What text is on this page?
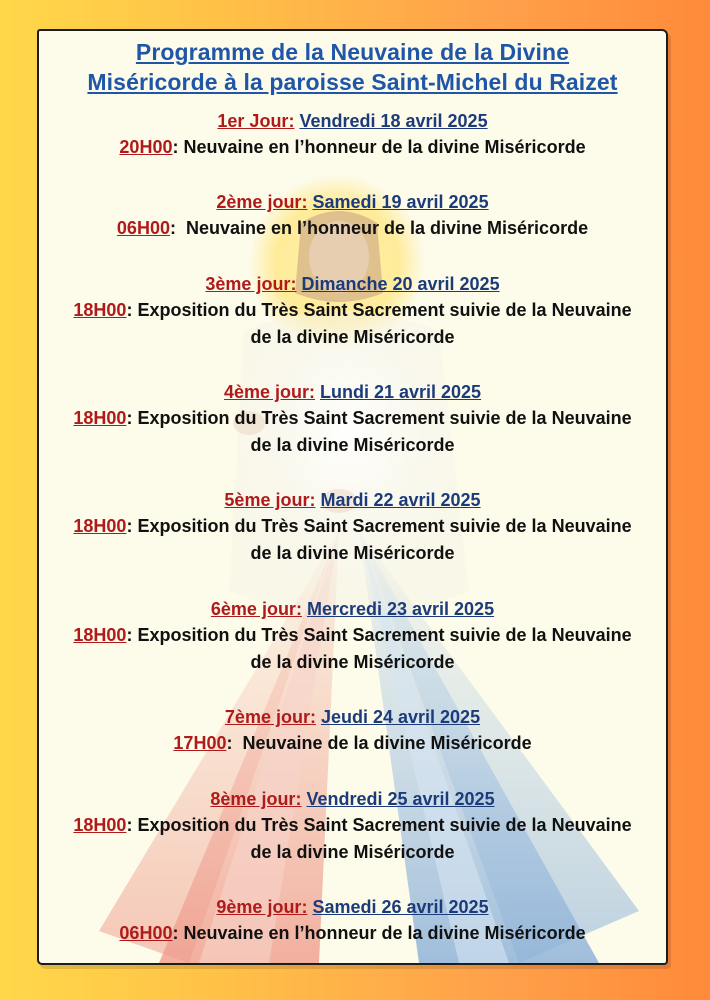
Programme de la Neuvaine de la Divine
Miséricorde à la paroisse Saint-Michel du Raizet
1er Jour: Vendredi 18 avril 2025
20H00: Neuvaine en l’honneur de la divine Miséricorde
2ème jour: Samedi 19 avril 2025
06H00:  Neuvaine en l’honneur de la divine Miséricorde
3ème jour: Dimanche 20 avril 2025
18H00: Exposition du Très Saint Sacrement suivie de la Neuvaine de la divine Miséricorde
4ème jour: Lundi 21 avril 2025
18H00: Exposition du Très Saint Sacrement suivie de la Neuvaine de la divine Miséricorde
5ème jour: Mardi 22 avril 2025
18H00: Exposition du Très Saint Sacrement suivie de la Neuvaine de la divine Miséricorde
6ème jour: Mercredi 23 avril 2025
18H00: Exposition du Très Saint Sacrement suivie de la Neuvaine de la divine Miséricorde
7ème jour: Jeudi 24 avril 2025
17H00:  Neuvaine de la divine Miséricorde
8ème jour: Vendredi 25 avril 2025
18H00: Exposition du Très Saint Sacrement suivie de la Neuvaine de la divine Miséricorde
9ème jour: Samedi 26 avril 2025
06H00: Neuvaine en l’honneur de la divine Miséricorde
